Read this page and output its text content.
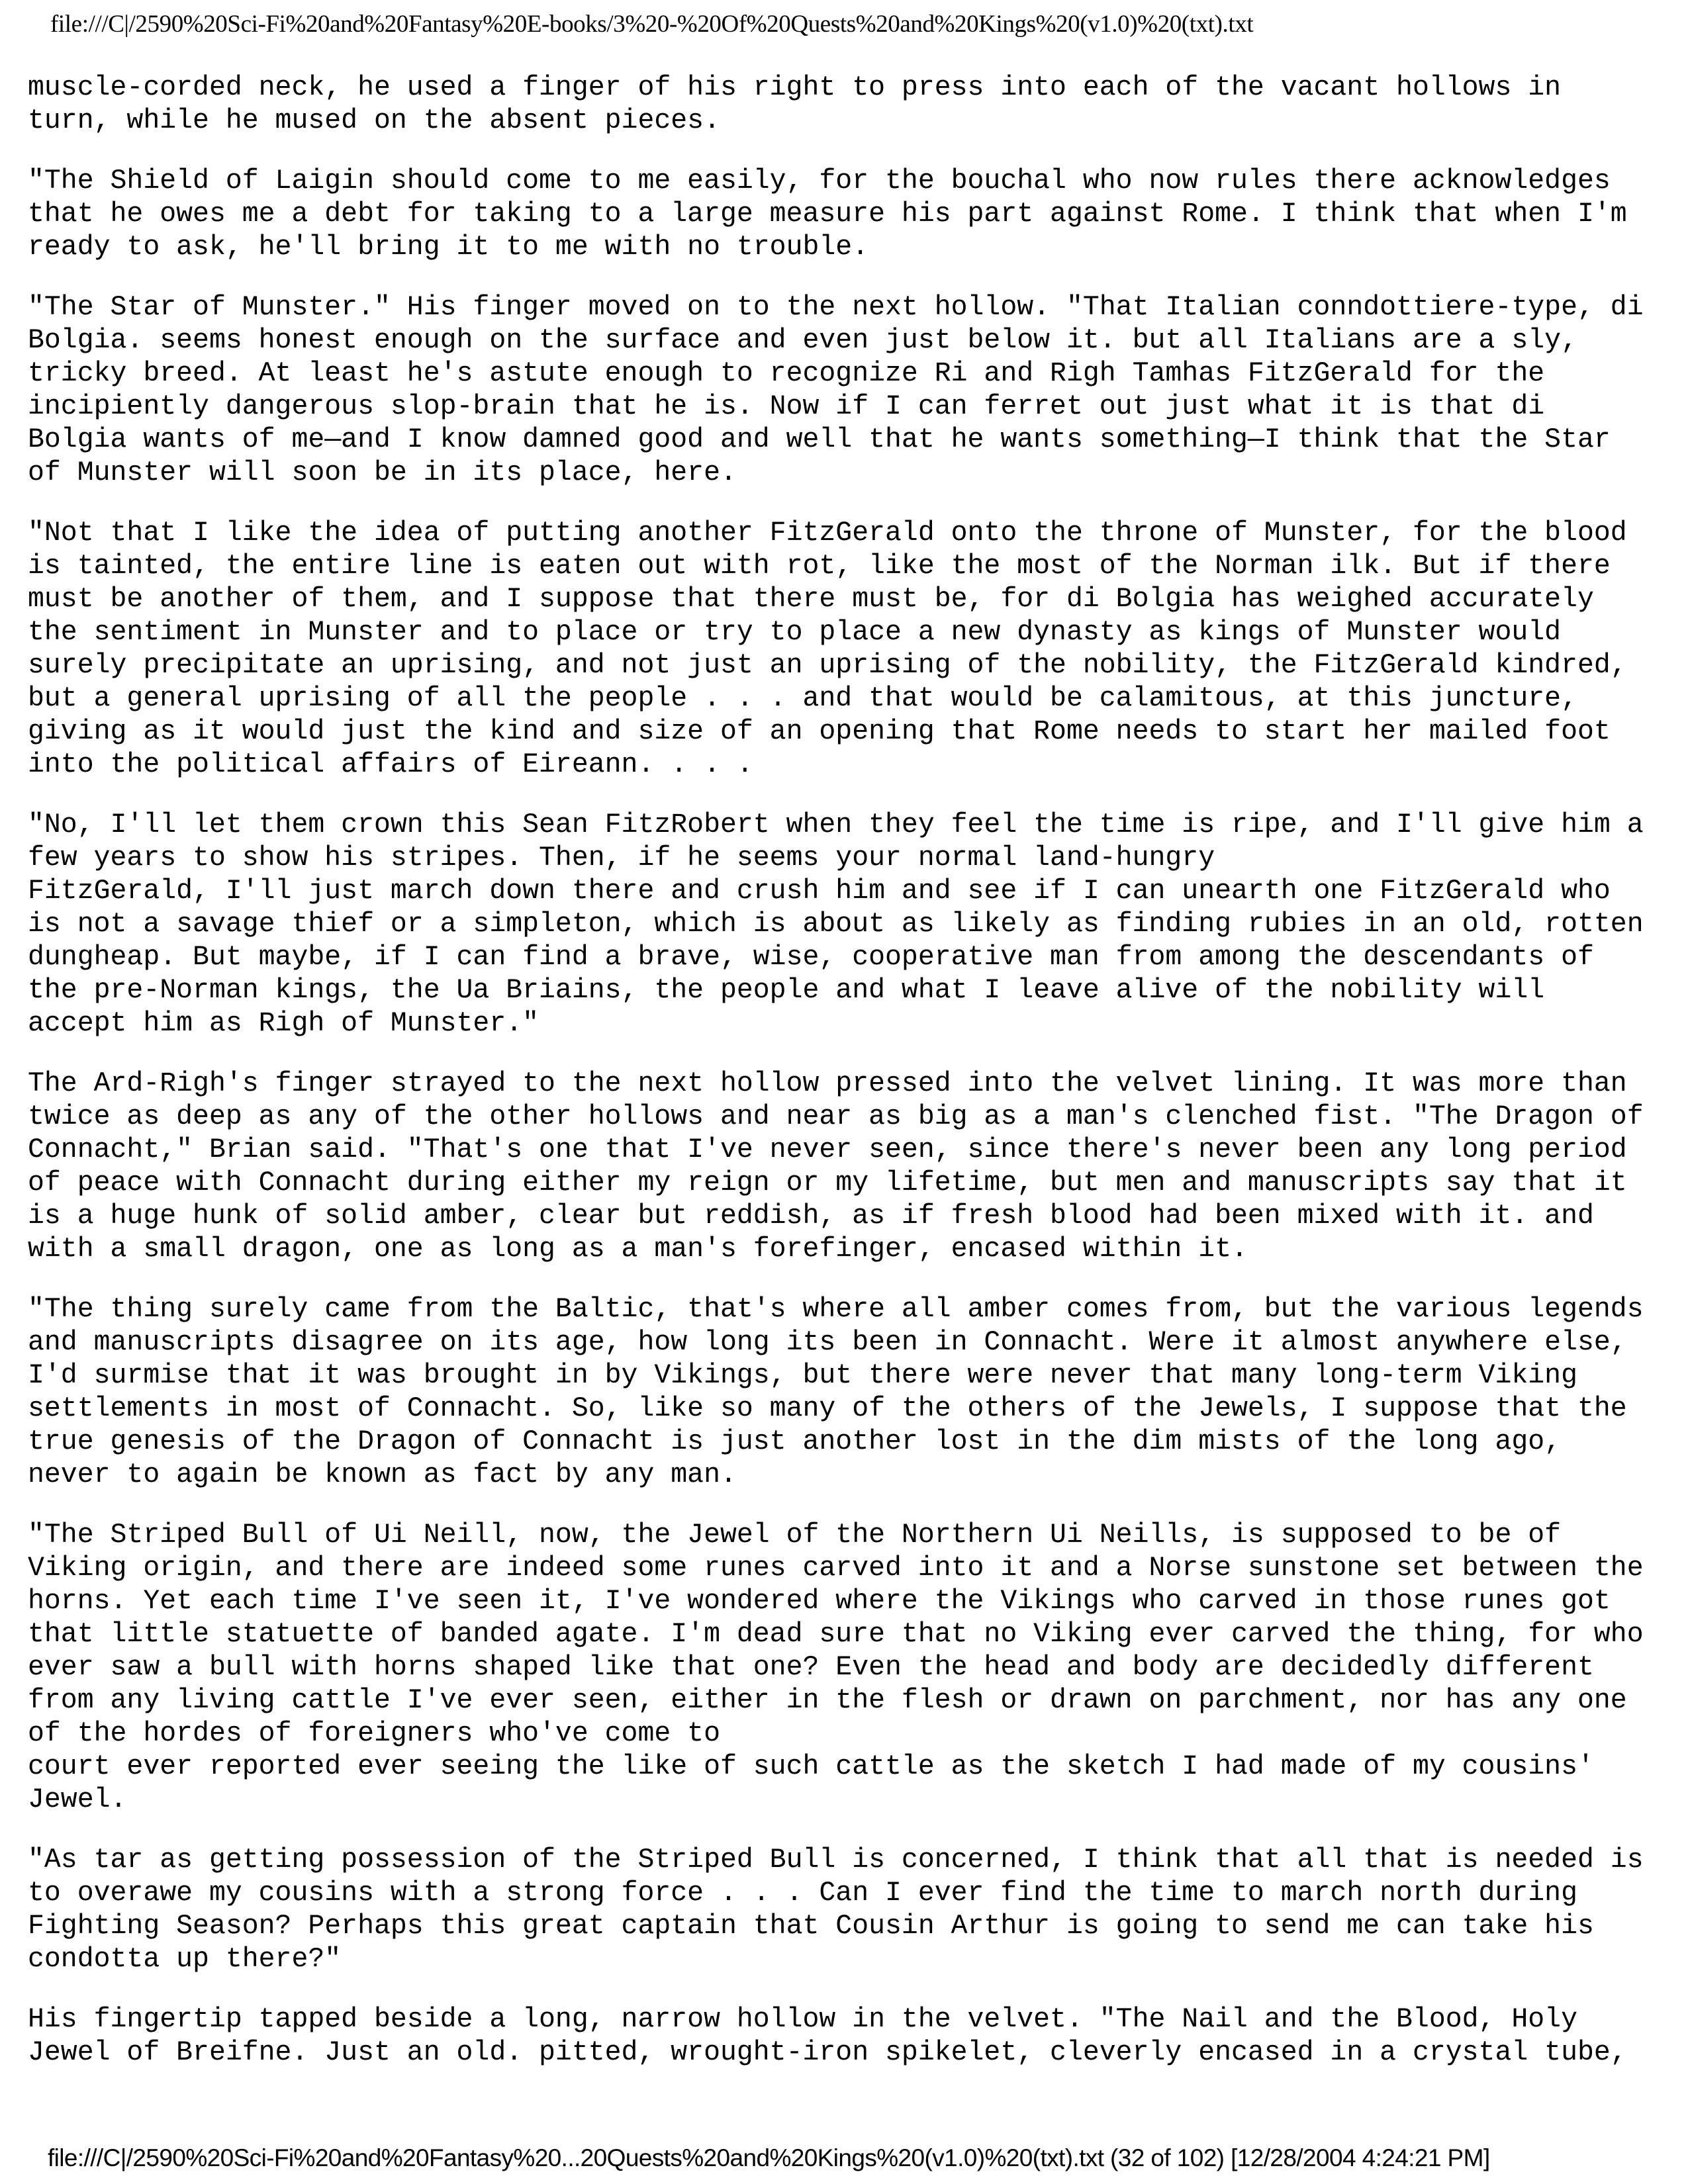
file:///C|/2590%20Sci-Fi%20and%20Fantasy%20E-books/3%20-%20Of%20Quests%20and%20Kings%20(v1.0)%20(txt).txt
muscle-corded neck, he used a finger of his right to press into each of the vacant hollows in
turn, while he mused on the absent pieces.
"The Shield of Laigin should come to me easily, for the bouchal who now rules there acknowledges
that he owes me a debt for taking to a large measure his part against Rome. I think that when I'm
ready to ask, he'll bring it to me with no trouble.
"The Star of Munster." His finger moved on to the next hollow. "That Italian conndottiere-type, di
Bolgia. seems honest enough on the surface and even just below it. but all Italians are a sly,
tricky breed. At least he's astute enough to recognize Ri and Righ Tamhas FitzGerald for the
incipiently dangerous slop-brain that he is. Now if I can ferret out just what it is that di
Bolgia wants of me—and I know damned good and well that he wants something—I think that the Star
of Munster will soon be in its place, here.
"Not that I like the idea of putting another FitzGerald onto the throne of Munster, for the blood
is tainted, the entire line is eaten out with rot, like the most of the Norman ilk. But if there
must be another of them, and I suppose that there must be, for di Bolgia has weighed accurately
the sentiment in Munster and to place or try to place a new dynasty as kings of Munster would
surely precipitate an uprising, and not just an uprising of the nobility, the FitzGerald kindred,
but a general uprising of all the people . . . and that would be calamitous, at this juncture,
giving as it would just the kind and size of an opening that Rome needs to start her mailed foot
into the political affairs of Eireann. . . .
"No, I'll let them crown this Sean FitzRobert when they feel the time is ripe, and I'll give him a
few years to show his stripes. Then, if he seems your normal land-hungry
FitzGerald, I'll just march down there and crush him and see if I can unearth one FitzGerald who
is not a savage thief or a simpleton, which is about as likely as finding rubies in an old, rotten
dungheap. But maybe, if I can find a brave, wise, cooperative man from among the descendants of
the pre-Norman kings, the Ua Briains, the people and what I leave alive of the nobility will
accept him as Righ of Munster."
The Ard-Righ's finger strayed to the next hollow pressed into the velvet lining. It was more than
twice as deep as any of the other hollows and near as big as a man's clenched fist. "The Dragon of
Connacht," Brian said. "That's one that I've never seen, since there's never been any long period
of peace with Connacht during either my reign or my lifetime, but men and manuscripts say that it
is a huge hunk of solid amber, clear but reddish, as if fresh blood had been mixed with it. and
with a small dragon, one as long as a man's forefinger, encased within it.
"The thing surely came from the Baltic, that's where all amber comes from, but the various legends
and manuscripts disagree on its age, how long its been in Connacht. Were it almost anywhere else,
I'd surmise that it was brought in by Vikings, but there were never that many long-term Viking
settlements in most of Connacht. So, like so many of the others of the Jewels, I suppose that the
true genesis of the Dragon of Connacht is just another lost in the dim mists of the long ago,
never to again be known as fact by any man.
"The Striped Bull of Ui Neill, now, the Jewel of the Northern Ui Neills, is supposed to be of
Viking origin, and there are indeed some runes carved into it and a Norse sunstone set between the
horns. Yet each time I've seen it, I've wondered where the Vikings who carved in those runes got
that little statuette of banded agate. I'm dead sure that no Viking ever carved the thing, for who
ever saw a bull with horns shaped like that one? Even the head and body are decidedly different
from any living cattle I've ever seen, either in the flesh or drawn on parchment, nor has any one
of the hordes of foreigners who've come to
court ever reported ever seeing the like of such cattle as the sketch I had made of my cousins'
Jewel.
"As tar as getting possession of the Striped Bull is concerned, I think that all that is needed is
to overawe my cousins with a strong force . . . Can I ever find the time to march north during
Fighting Season? Perhaps this great captain that Cousin Arthur is going to send me can take his
condotta up there?"
His fingertip tapped beside a long, narrow hollow in the velvet. "The Nail and the Blood, Holy
Jewel of Breifne. Just an old. pitted, wrought-iron spikelet, cleverly encased in a crystal tube,
file:///C|/2590%20Sci-Fi%20and%20Fantasy%20...20Quests%20and%20Kings%20(v1.0)%20(txt).txt (32 of 102) [12/28/2004 4:24:21 PM]
